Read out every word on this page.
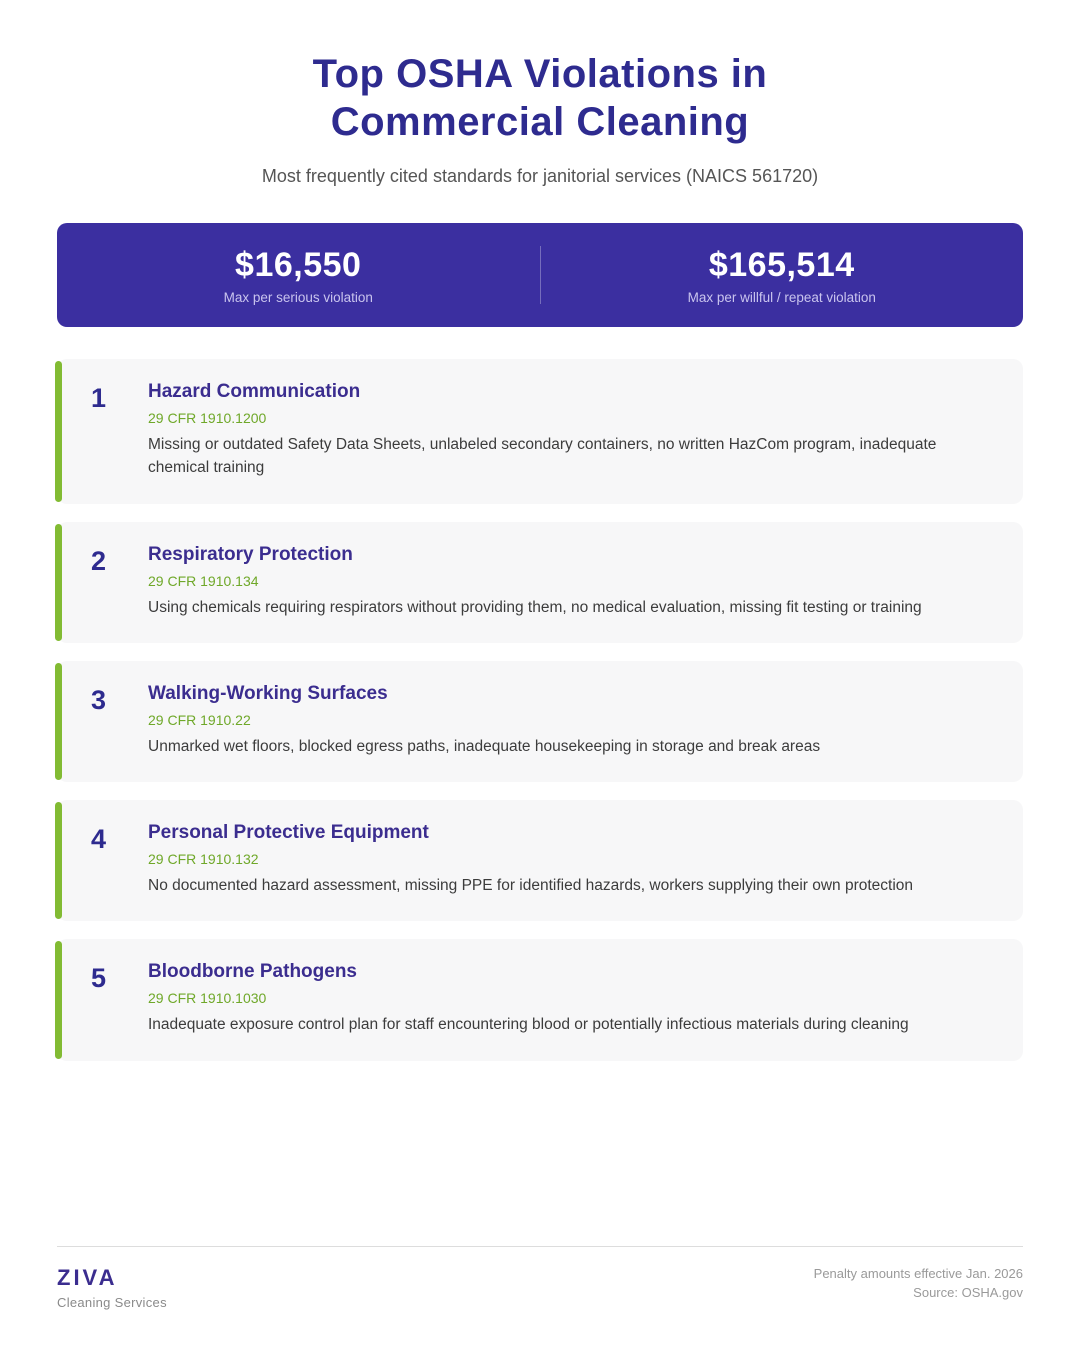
Top OSHA Violations in
Commercial Cleaning
Most frequently cited standards for janitorial services (NAICS 561720)
$16,550
Max per serious violation
$165,514
Max per willful / repeat violation
1	Hazard Communication
29 CFR 1910.1200

Missing or outdated Safety Data Sheets, unlabeled secondary containers, no written HazCom program, inadequate chemical training

2	Respiratory Protection
29 CFR 1910.134

Using chemicals requiring respirators without providing them, no medical evaluation, missing fit testing or training

3	Walking-Working Surfaces
29 CFR 1910.22

Unmarked wet floors, blocked egress paths, inadequate housekeeping in storage and break areas

4	Personal Protective Equipment
29 CFR 1910.132

No documented hazard assessment, missing PPE for identified hazards, workers supplying their own protection

5	Bloodborne Pathogens
29 CFR 1910.1030

Inadequate exposure control plan for staff encountering blood or potentially infectious materials during cleaning

ZIVA
Cleaning Services
Penalty amounts effective Jan. 2026
Source: OSHA.gov
